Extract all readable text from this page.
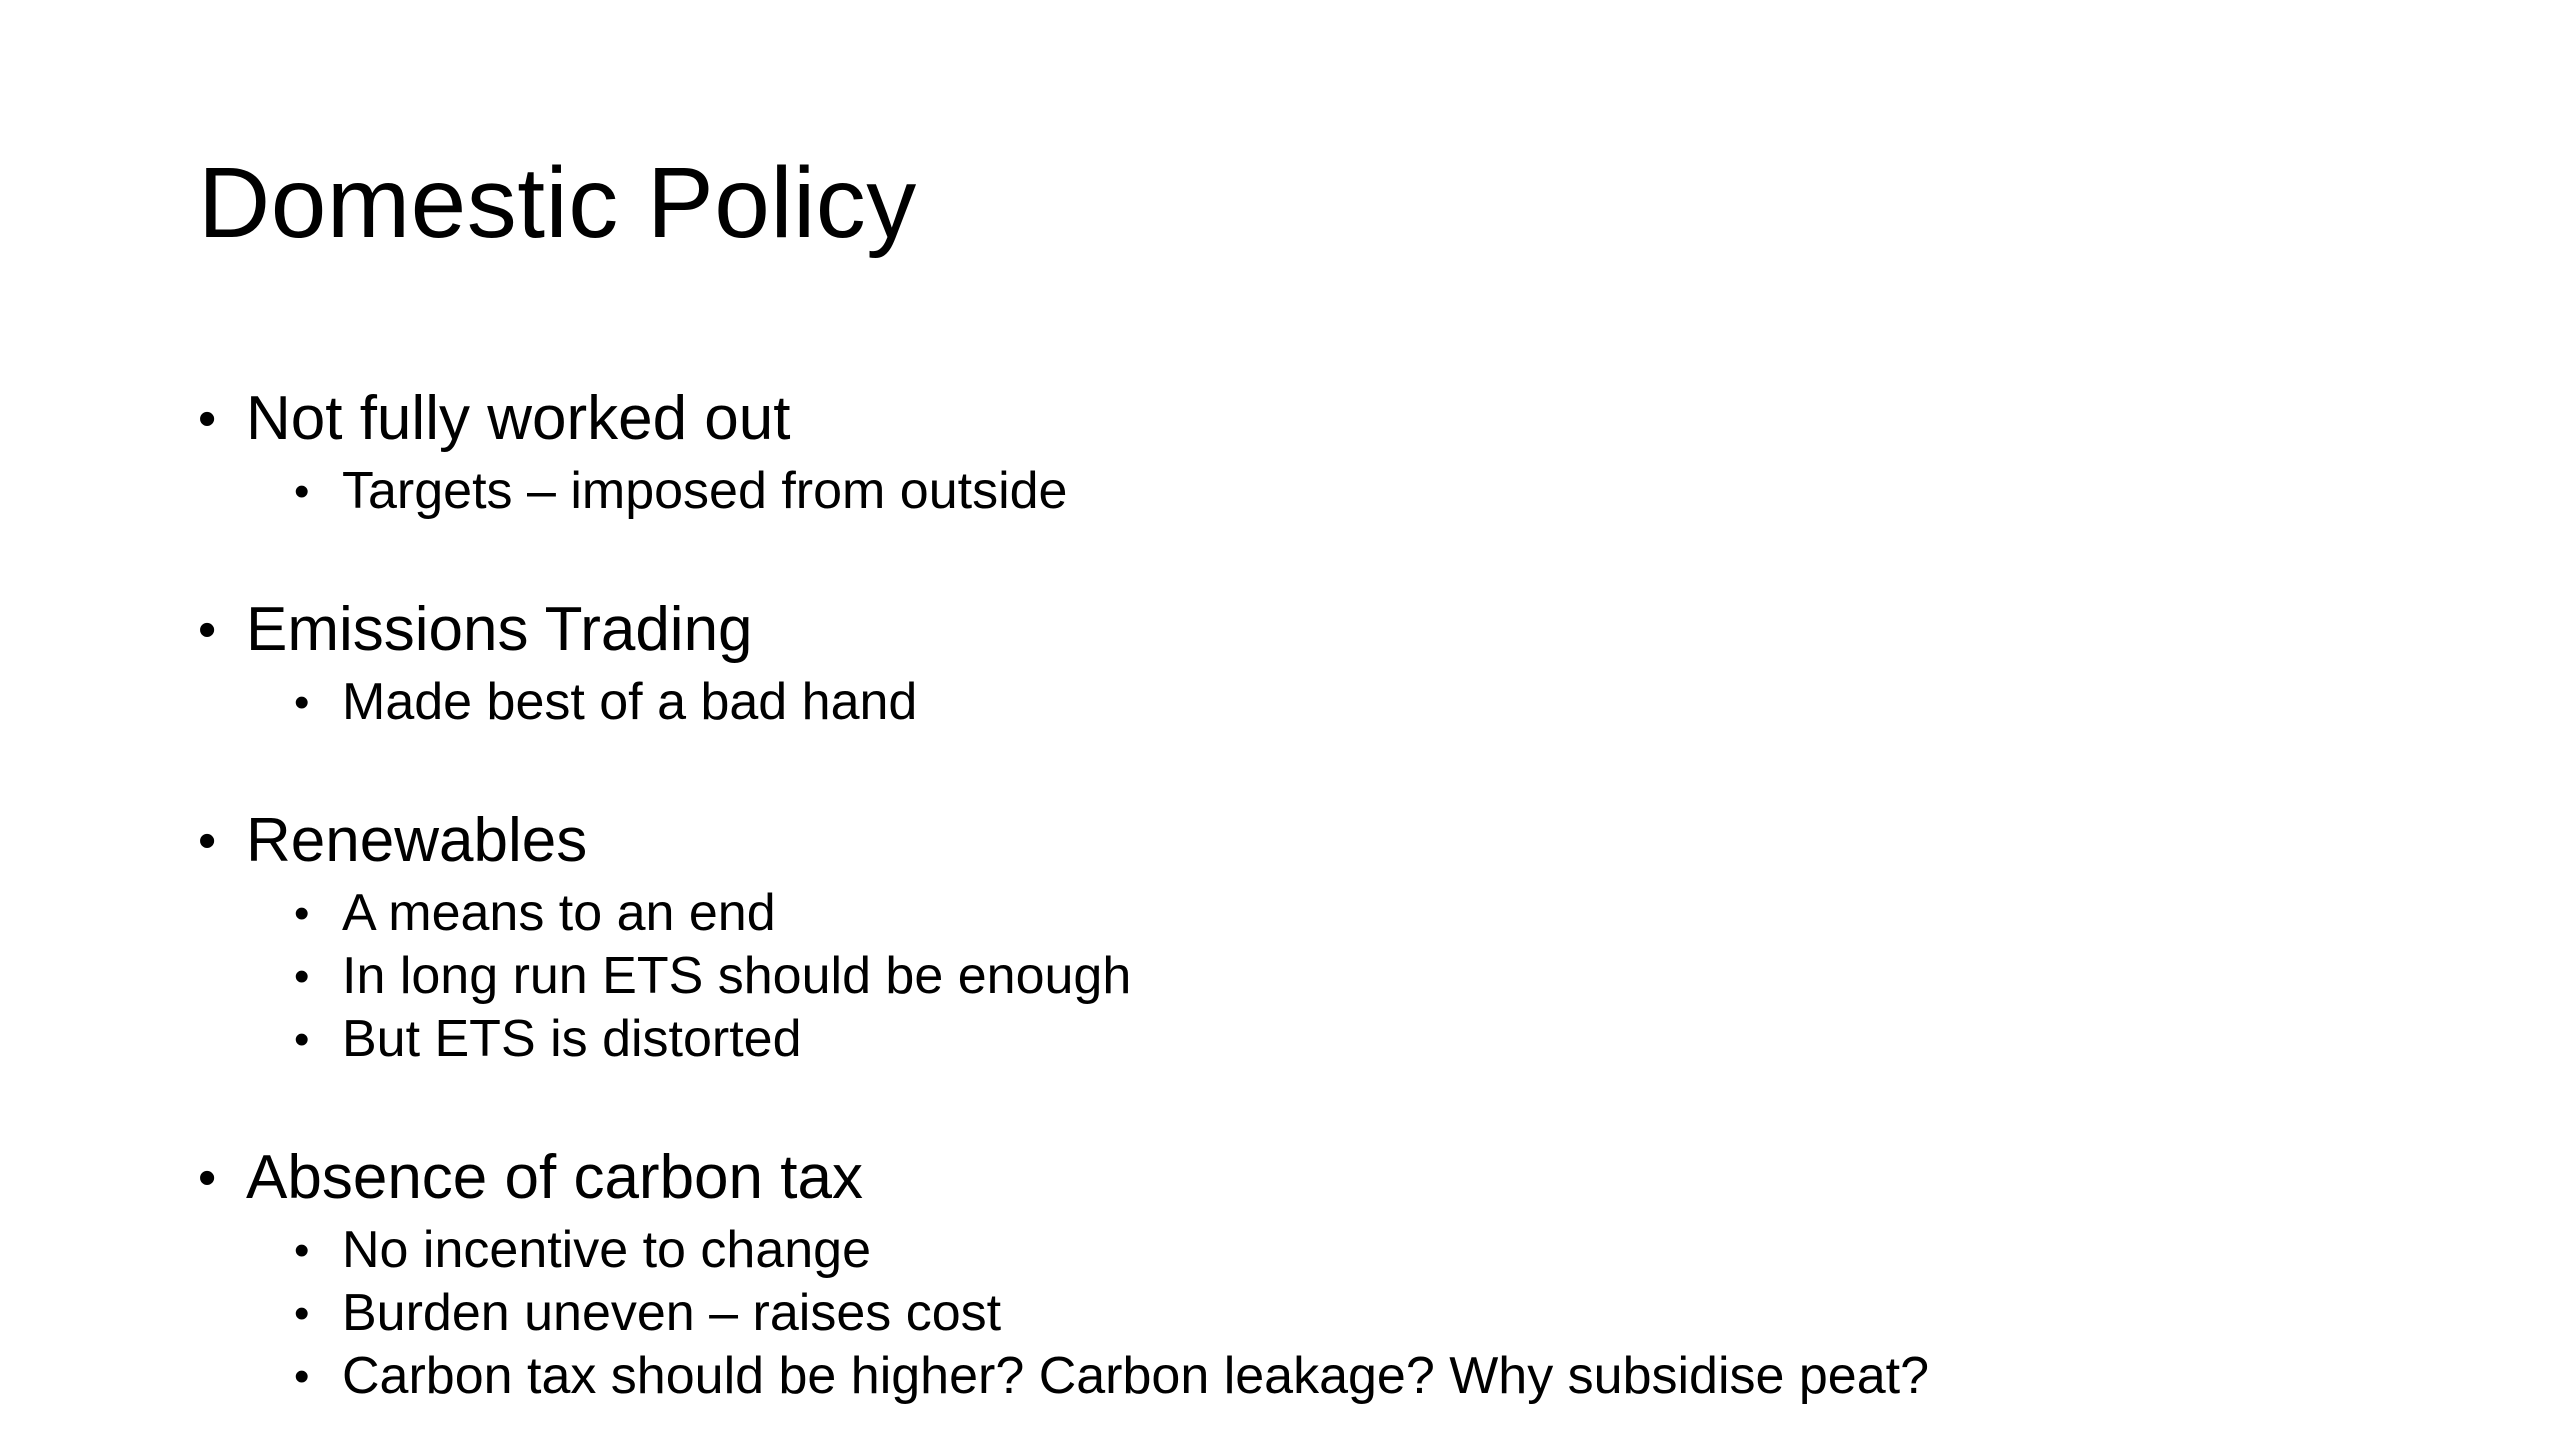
Domestic Policy
• Not fully worked out
• Targets – imposed from outside
• Emissions Trading
• Made best of a bad hand
• Renewables
• A means to an end
• In long run ETS should be enough
• But ETS is distorted
• Absence of carbon tax
• No incentive to change
• Burden uneven – raises cost
• Carbon tax should be higher? Carbon leakage? Why subsidise peat?
